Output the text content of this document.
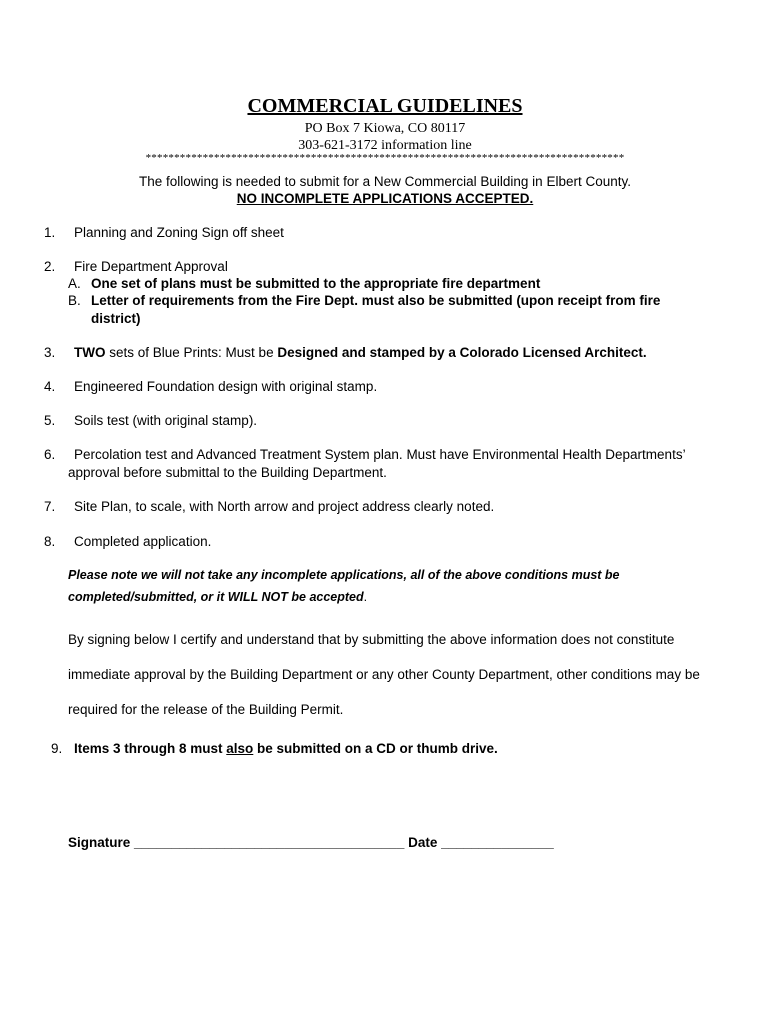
COMMERCIAL GUIDELINES
PO Box 7 Kiowa, CO 80117
303-621-3172 information line
************************************************************************************
The following is needed to submit for a New Commercial Building in Elbert County.
NO INCOMPLETE APPLICATIONS ACCEPTED.
1. Planning and Zoning Sign off sheet
2. Fire Department Approval
A. One set of plans must be submitted to the appropriate fire department
B. Letter of requirements from the Fire Dept. must also be submitted (upon receipt from fire
district)
3. TWO sets of Blue Prints: Must be Designed and stamped by a Colorado Licensed Architect.
4. Engineered Foundation design with original stamp.
5. Soils test (with original stamp).
6. Percolation test and Advanced Treatment System plan. Must have Environmental Health Departments’
approval before submittal to the Building Department.
7. Site Plan, to scale, with North arrow and project address clearly noted.
8. Completed application.
Please note we will not take any incomplete applications, all of the above conditions must be
completed/submitted, or it WILL NOT be accepted.
By signing below I certify and understand that by submitting the above information does not constitute
immediate approval by the Building Department or any other County Department, other conditions may be
required for the release of the Building Permit.
9. Items 3 through 8 must also be submitted on a CD or thumb drive.
Signature ____________________________________ Date _______________
